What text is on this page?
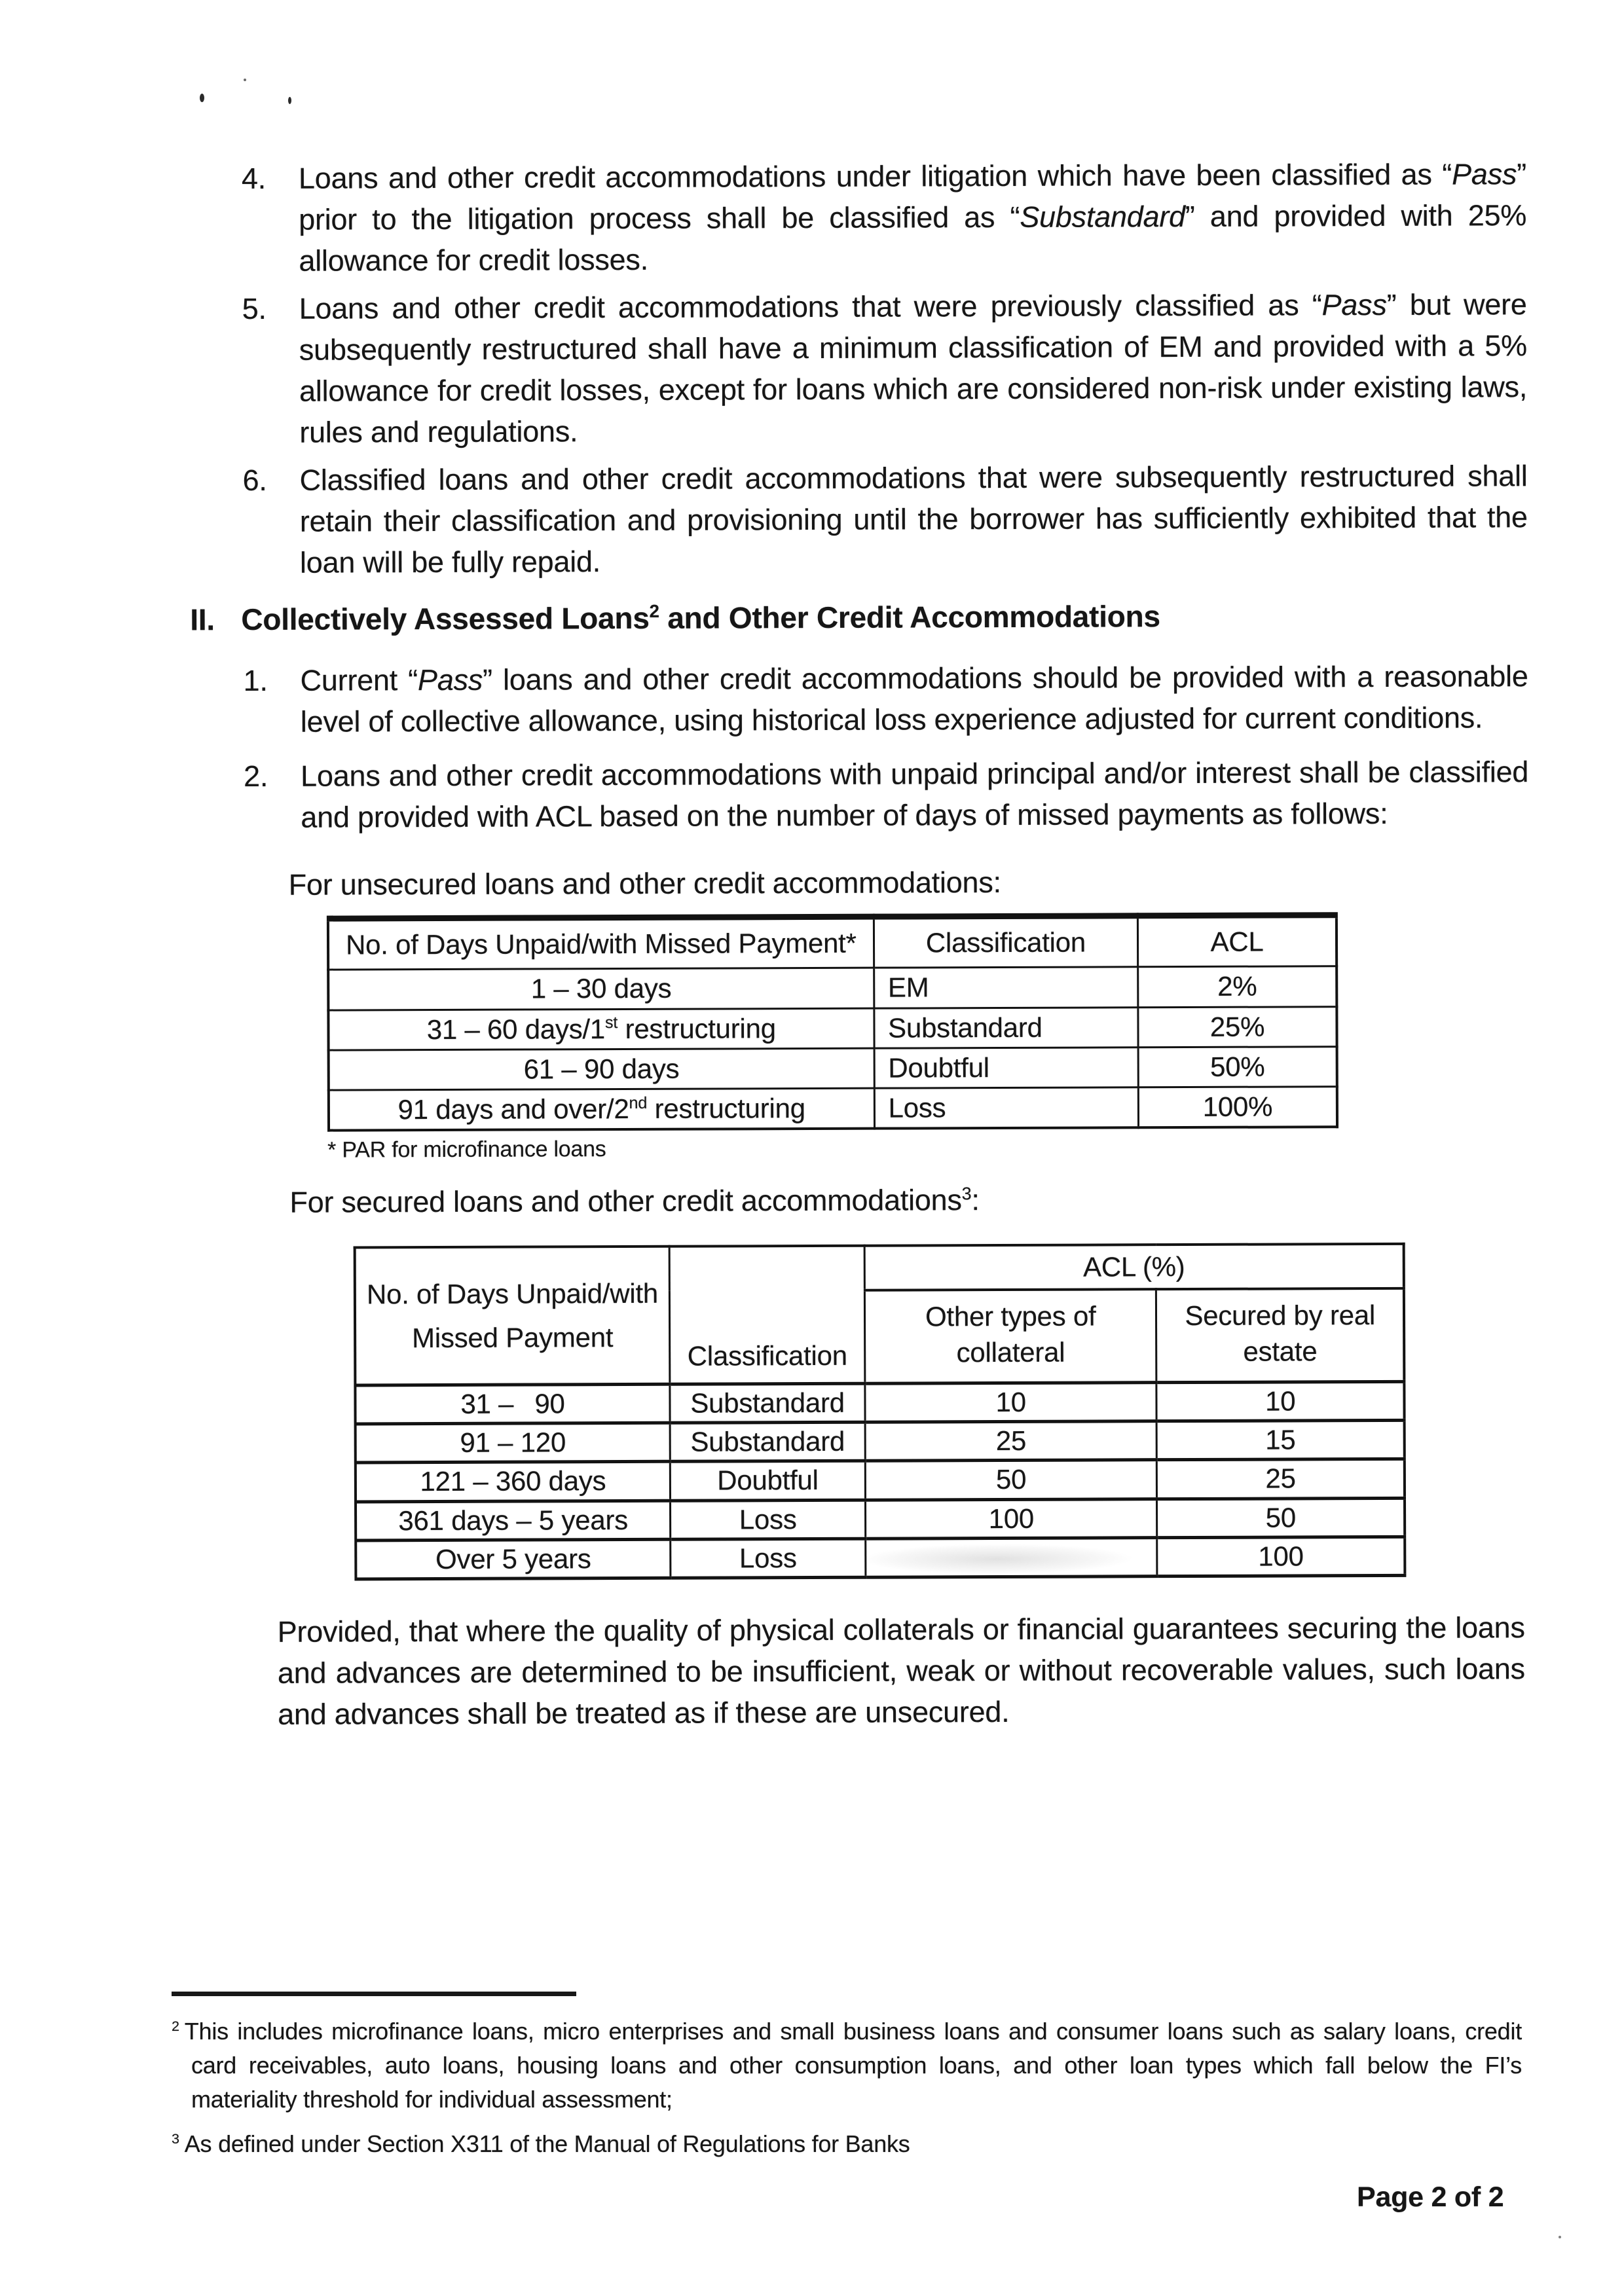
4.	Loans and other credit accommodations under litigation which have been classified as “Pass” prior to the litigation process shall be classified as “Substandard” and provided with 25% allowance for credit losses.
5.	Loans and other credit accommodations that were previously classified as “Pass” but were subsequently restructured shall have a minimum classification of EM and provided with a 5% allowance for credit losses, except for loans which are considered non-risk under existing laws, rules and regulations.
6.	Classified loans and other credit accommodations that were subsequently restructured shall retain their classification and provisioning until the borrower has sufficiently exhibited that the loan will be fully repaid.
II. Collectively Assessed Loans$^2$ and Other Credit Accommodations
1.	Current “Pass” loans and other credit accommodations should be provided with a reasonable level of collective allowance, using historical loss experience adjusted for current conditions.
2.	Loans and other credit accommodations with unpaid principal and/or interest shall be classified and provided with ACL based on the number of days of missed payments as follows:

For unsecured loans and other credit accommodations:

No. of Days Unpaid/with Missed Payment*	Classification	ACL
1 – 30 days	EM	2%
31 – 60 days/1st restructuring	Substandard	25%
61 – 90 days	Doubtful	50%
91 days and over/2nd restructuring	Loss	100%

* PAR for microfinance loans

For secured loans and other credit accommodations$^3$:

No. of Days Unpaid/with Missed Payment	Classification	ACL (%)	
		Other types of collateral	Secured by real estate
31 –  90	Substandard	10	10
91 – 120	Substandard	25	15
121 – 360 days	Doubtful	50	25
361 days – 5 years	Loss	100	50
Over 5 years	Loss		100

Provided, that where the quality of physical collaterals or financial guarantees securing the loans and advances are determined to be insufficient, weak or without recoverable values, such loans and advances shall be treated as if these are unsecured.

$^2$ This includes microfinance loans, micro enterprises and small business loans and consumer loans such as salary loans, credit card receivables, auto loans, housing loans and other consumption loans, and other loan types which fall below the FI’s materiality threshold for individual assessment;
$^3$ As defined under Section X311 of the Manual of Regulations for Banks
Page 2 of 2
